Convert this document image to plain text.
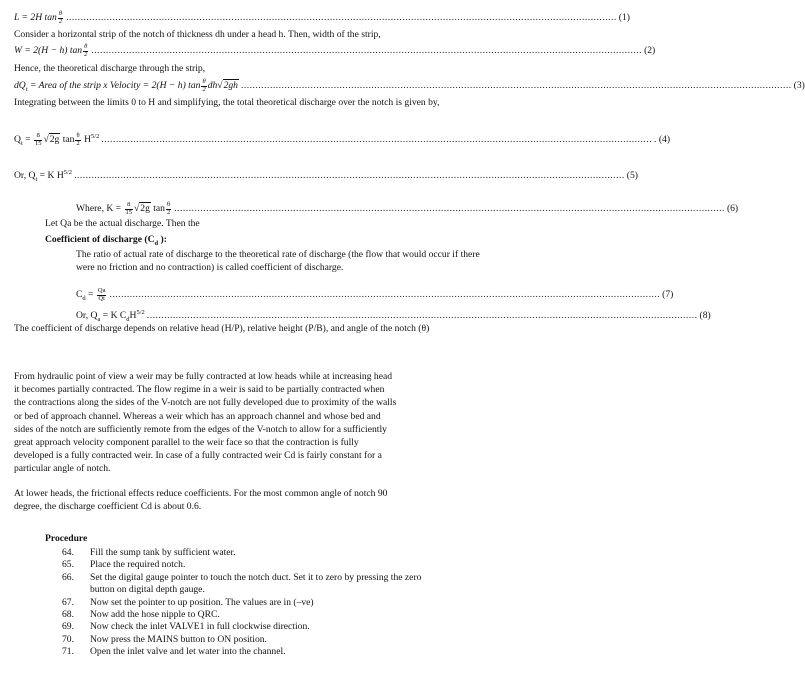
L = 2H $\tan \frac{\theta}{2}$ .............................................................................................................................................................................................. (1)
Consider a horizontal strip of the notch of thickness dh under a head h. Then, width of the strip,
W = 2(H − h) $\tan \frac{\theta}{2}$ .............................................................................................................................................................................................. (2)
Hence, the theoretical discharge through the strip,
$dQ_t$ = Area of the strip x Velocity = 2(H − h) $\tan \frac{\theta}{2} dh√2gh$ .............................................................................................................................................................................................. (3)
Integrating between the limits 0 to H and simplifying, the total theoretical discharge over the notch is given by,
$Q_t = \frac{8}{15} √2g$ $\tan \frac{\theta}{2} H^{5/2}$ .............................................................................................................................................................................................. . (4)
Or, $Q_t = K$ $H^{5/2}$ .............................................................................................................................................................................................. (5)
Where, $K = \frac{8}{15} √2g$ $\tan \frac{\theta}{2}$ .............................................................................................................................................................................................. (6)
Let Qa be the actual discharge. Then the
Coefficient of discharge ($C_d$ ):
The ratio of actual rate of discharge to the theoretical rate of discharge (the flow that would occur if there were no friction and no contraction) is called coefficient of discharge.
$C_d = \frac{Qa}{Qt}$ .............................................................................................................................................................................................. (7)
Or, $Q_a = K$ $C_dH^{5/2}$ .............................................................................................................................................................................................. (8)
The coefficient of discharge depends on relative head (H/P), relative height (P/B), and angle of the notch (θ)
From hydraulic point of view a weir may be fully contracted at low heads while at increasing head
it becomes partially contracted. The flow regime in a weir is said to be partially contracted when
the contractions along the sides of the V-notch are not fully developed due to proximity of the walls
or bed of approach channel. Whereas a weir which has an approach channel and whose bed and
sides of the notch are sufficiently remote from the edges of the V-notch to allow for a sufficiently
great approach velocity component parallel to the weir face so that the contraction is fully
developed is a fully contracted weir. In case of a fully contracted weir Cd is fairly constant for a
particular angle of notch.
At lower heads, the frictional effects reduce coefficients. For the most common angle of notch 90
degree, the discharge coefficient Cd is about 0.6.
Procedure
64. Fill the sump tank by sufficient water.
65. Place the required notch.
66. Set the digital gauge pointer to touch the notch duct. Set it to zero by pressing the zero
button on digital depth gauge.
67. Now set the pointer to up position. The values are in (–ve)
68. Now add the hose nipple to QRC.
69. Now check the inlet VALVE1 in full clockwise direction.
70. Now press the MAINS button to ON position.
71. Open the inlet valve and let water into the channel.
